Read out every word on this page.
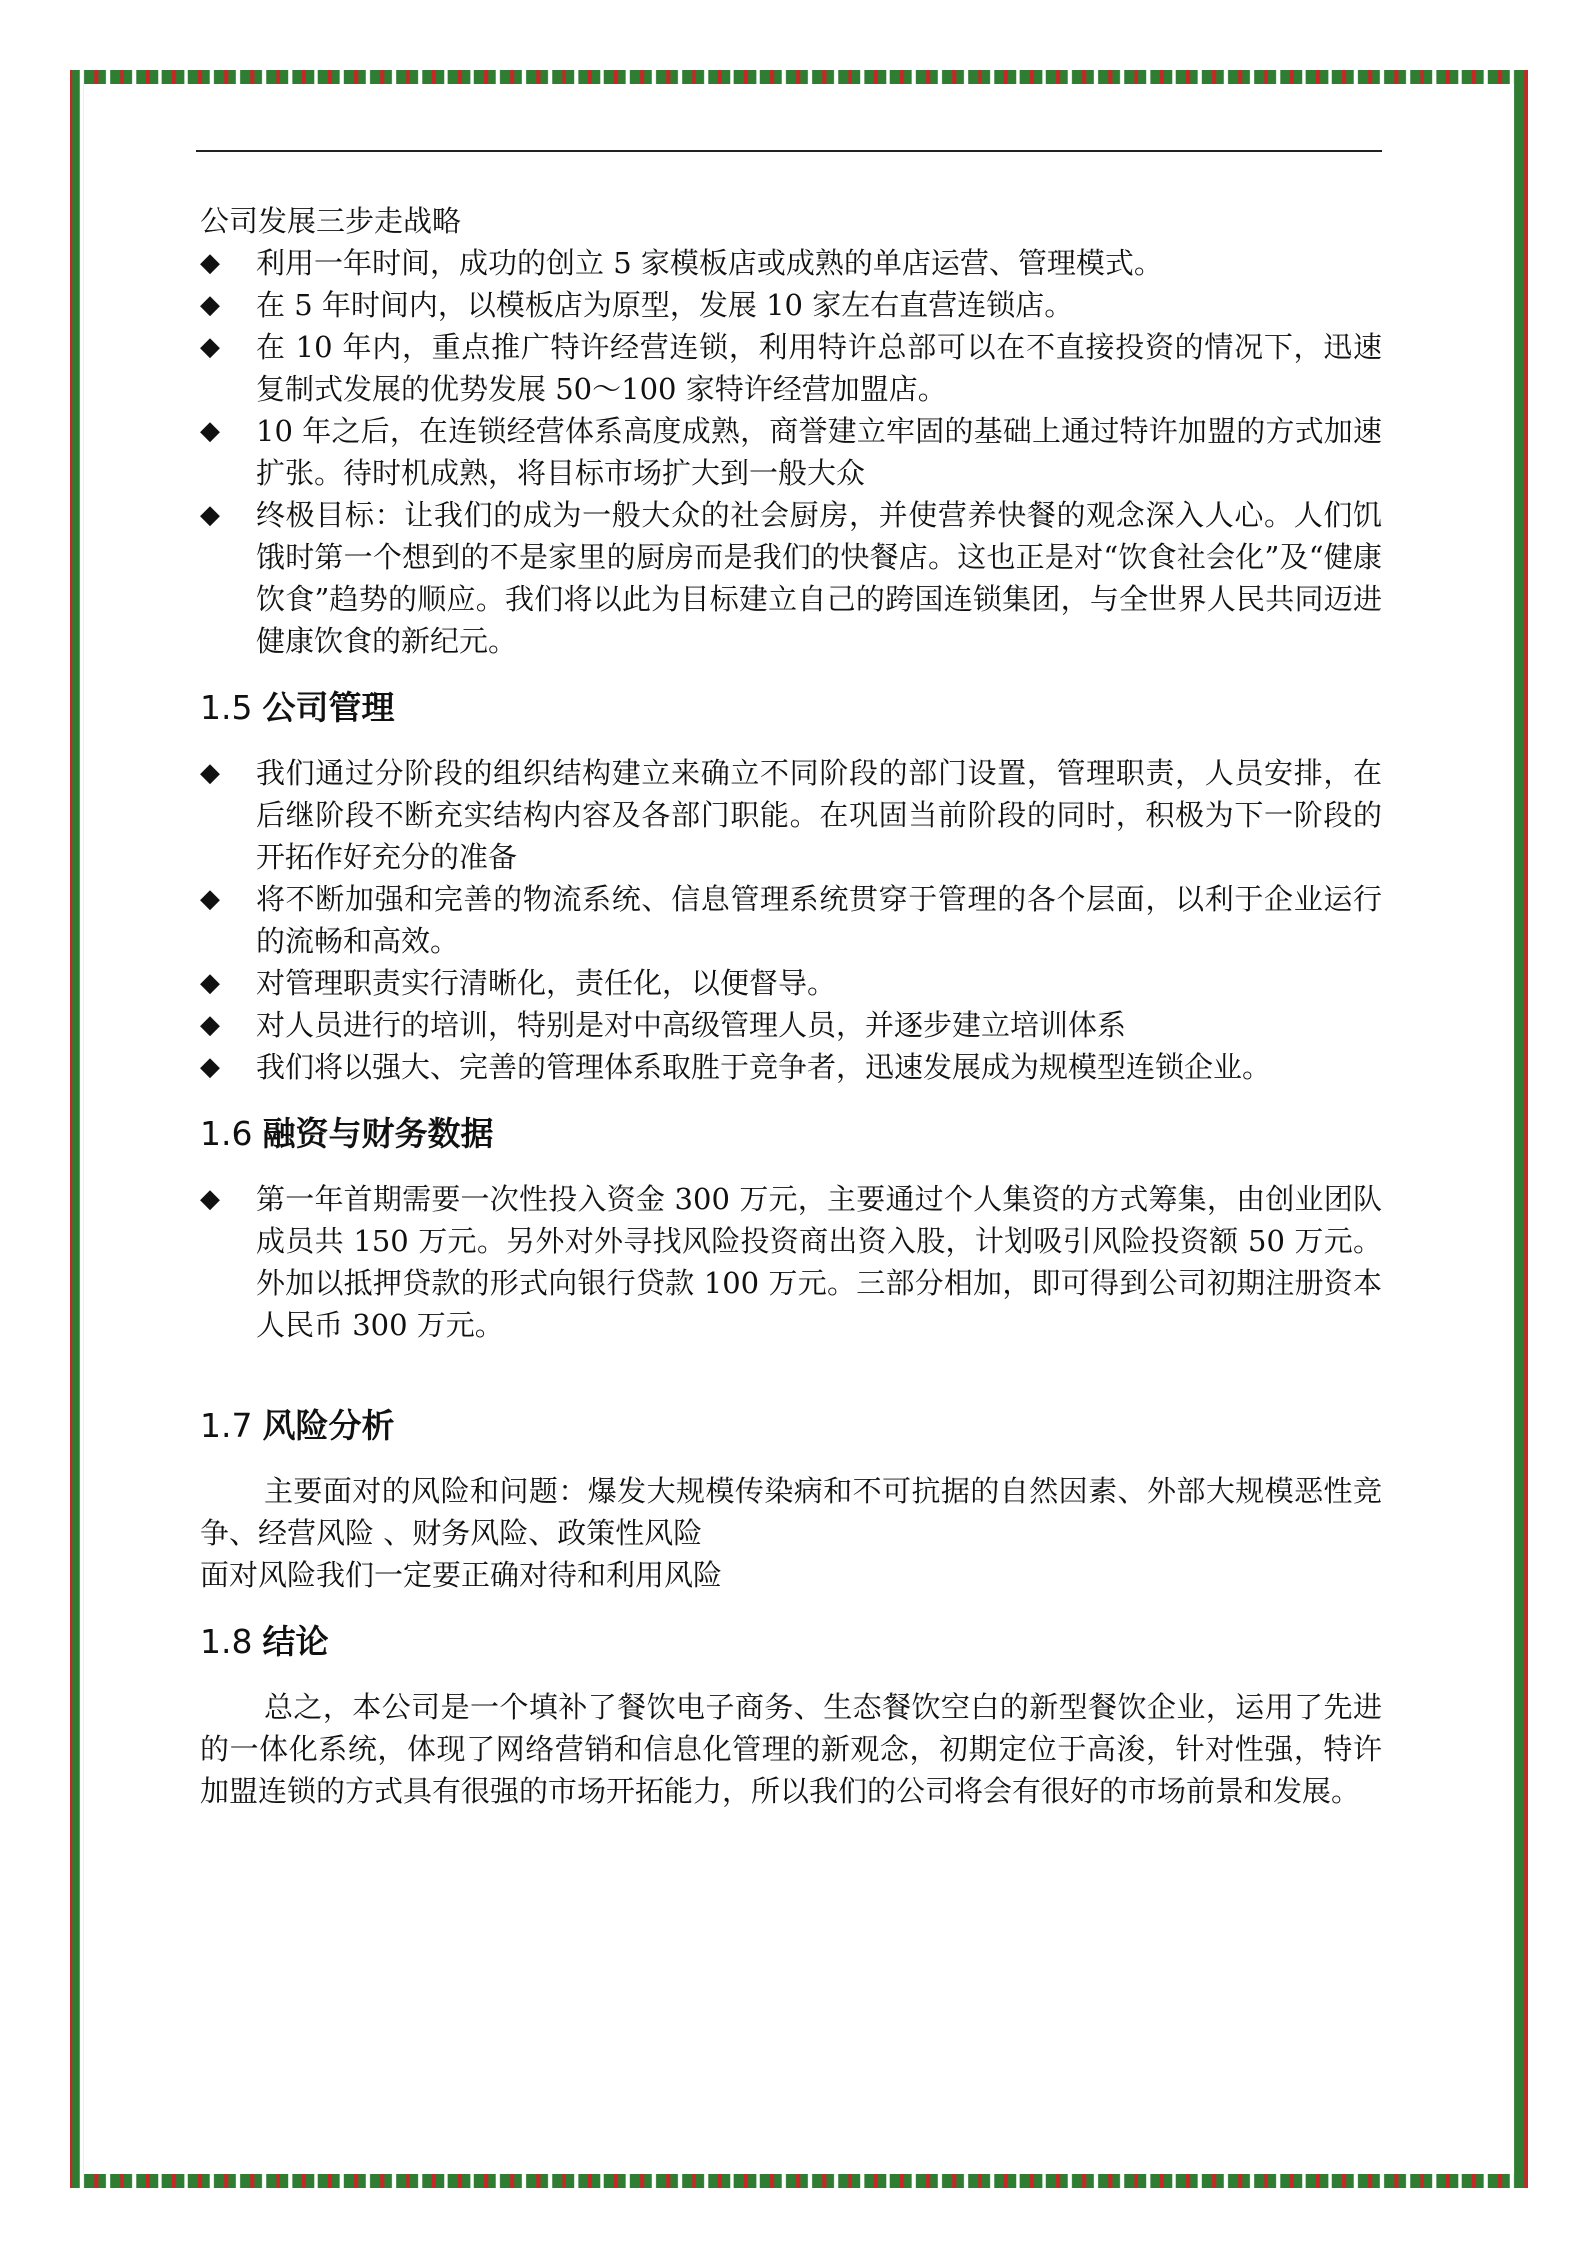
公司发展三步走战略
◆ 利用一年时间，成功的创立 5 家模板店或成熟的单店运营、管理模式。
◆ 在 5 年时间内，以模板店为原型，发展 10 家左右直营连锁店。
◆ 在 10 年内，重点推广特许经营连锁，利用特许总部可以在不直接投资的情况下，迅速复制式发展的优势发展 50～100 家特许经营加盟店。
◆ 10 年之后，在连锁经营体系高度成熟，商誉建立牢固的基础上通过特许加盟的方式加速扩张。待时机成熟，将目标市场扩大到一般大众
◆ 终极目标：让我们的成为一般大众的社会厨房，并使营养快餐的观念深入人心。人们饥饿时第一个想到的不是家里的厨房而是我们的快餐店。这也正是对“饮食社会化”及“健康饮食”趋势的顺应。我们将以此为目标建立自己的跨国连锁集团，与全世界人民共同迈进健康饮食的新纪元。
1.5 公司管理
◆ 我们通过分阶段的组织结构建立来确立不同阶段的部门设置，管理职责，人员安排，在后继阶段不断充实结构内容及各部门职能。在巩固当前阶段的同时，积极为下一阶段的开拓作好充分的准备
◆ 将不断加强和完善的物流系统、信息管理系统贯穿于管理的各个层面，以利于企业运行的流畅和高效。
◆ 对管理职责实行清晰化，责任化，以便督导。
◆ 对人员进行的培训，特别是对中高级管理人员，并逐步建立培训体系
◆ 我们将以强大、完善的管理体系取胜于竞争者，迅速发展成为规模型连锁企业。
1.6 融资与财务数据
◆ 第一年首期需要一次性投入资金 300 万元，主要通过个人集资的方式筹集，由创业团队成员共 150 万元。另外对外寻找风险投资商出资入股，计划吸引风险投资额 50 万元。外加以抵押贷款的形式向银行贷款 100 万元。三部分相加，即可得到公司初期注册资本人民币 300 万元。
1.7 风险分析

主要面对的风险和问题：爆发大规模传染病和不可抗据的自然因素、外部大规模恶性竞争、经营风险 、财务风险、政策性风险

面对风险我们一定要正确对待和利用风险

1.8 结论

总之，本公司是一个填补了餐饮电子商务、生态餐饮空白的新型餐饮企业，运用了先进的一体化系统，体现了网络营销和信息化管理的新观念，初期定位于高浚，针对性强，特许加盟连锁的方式具有很强的市场开拓能力，所以我们的公司将会有很好的市场前景和发展。
